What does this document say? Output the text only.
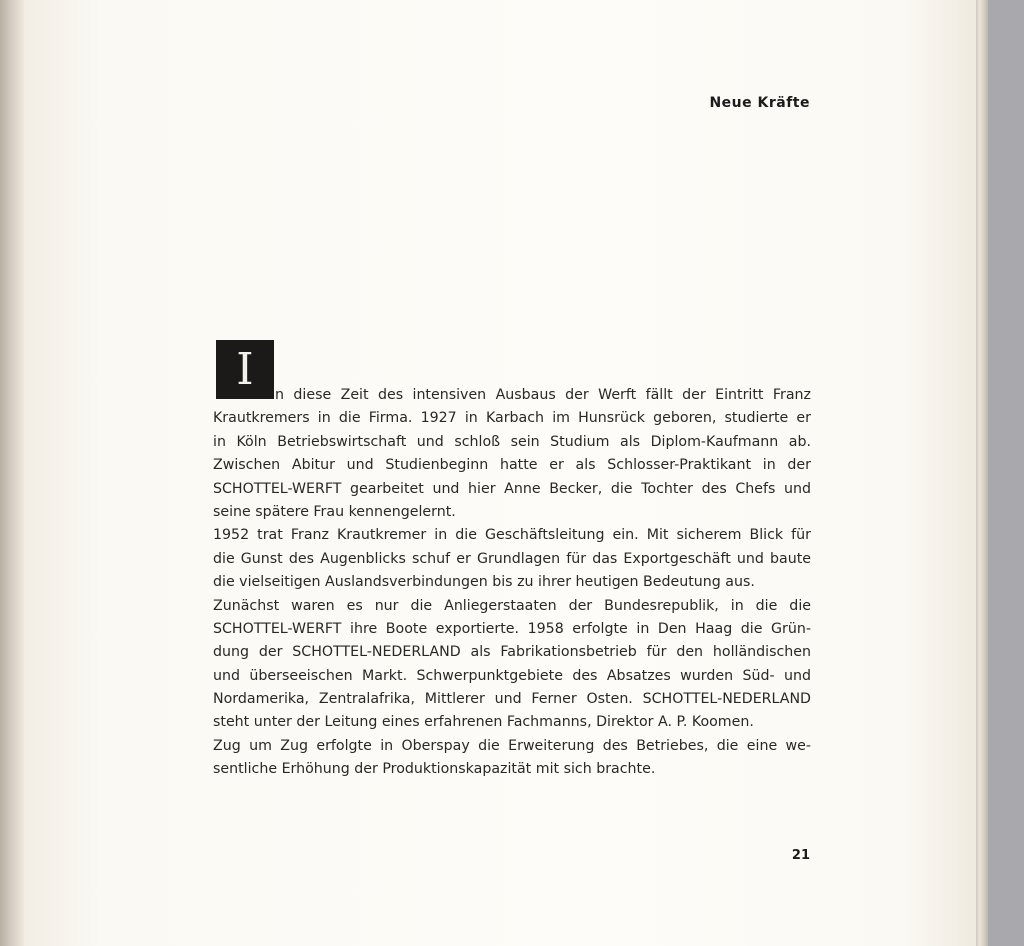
Neue Kräfte
I	n diese Zeit des intensiven Ausbaus der Werft fällt der Eintritt Franz
Krautkremers in die Firma. 1927 in Karbach im Hunsrück geboren, studierte er
in Köln Betriebswirtschaft und schloß sein Studium als Diplom-Kaufmann ab.
Zwischen Abitur und Studienbeginn hatte er als Schlosser-Praktikant in der
SCHOTTEL-WERFT gearbeitet und hier Anne Becker, die Tochter des Chefs und
seine spätere Frau kennengelernt.
1952 trat Franz Krautkremer in die Geschäftsleitung ein. Mit sicherem Blick für
die Gunst des Augenblicks schuf er Grundlagen für das Exportgeschäft und baute
die vielseitigen Auslandsverbindungen bis zu ihrer heutigen Bedeutung aus.
Zunächst waren es nur die Anliegerstaaten der Bundesrepublik, in die die
SCHOTTEL-WERFT ihre Boote exportierte. 1958 erfolgte in Den Haag die Grün-
dung der SCHOTTEL-NEDERLAND als Fabrikationsbetrieb für den holländischen
und überseeischen Markt. Schwerpunktgebiete des Absatzes wurden Süd- und
Nordamerika, Zentralafrika, Mittlerer und Ferner Osten. SCHOTTEL-NEDERLAND
steht unter der Leitung eines erfahrenen Fachmanns, Direktor A. P. Koomen.
Zug um Zug erfolgte in Oberspay die Erweiterung des Betriebes, die eine we-
sentliche Erhöhung der Produktionskapazität mit sich brachte.
21
